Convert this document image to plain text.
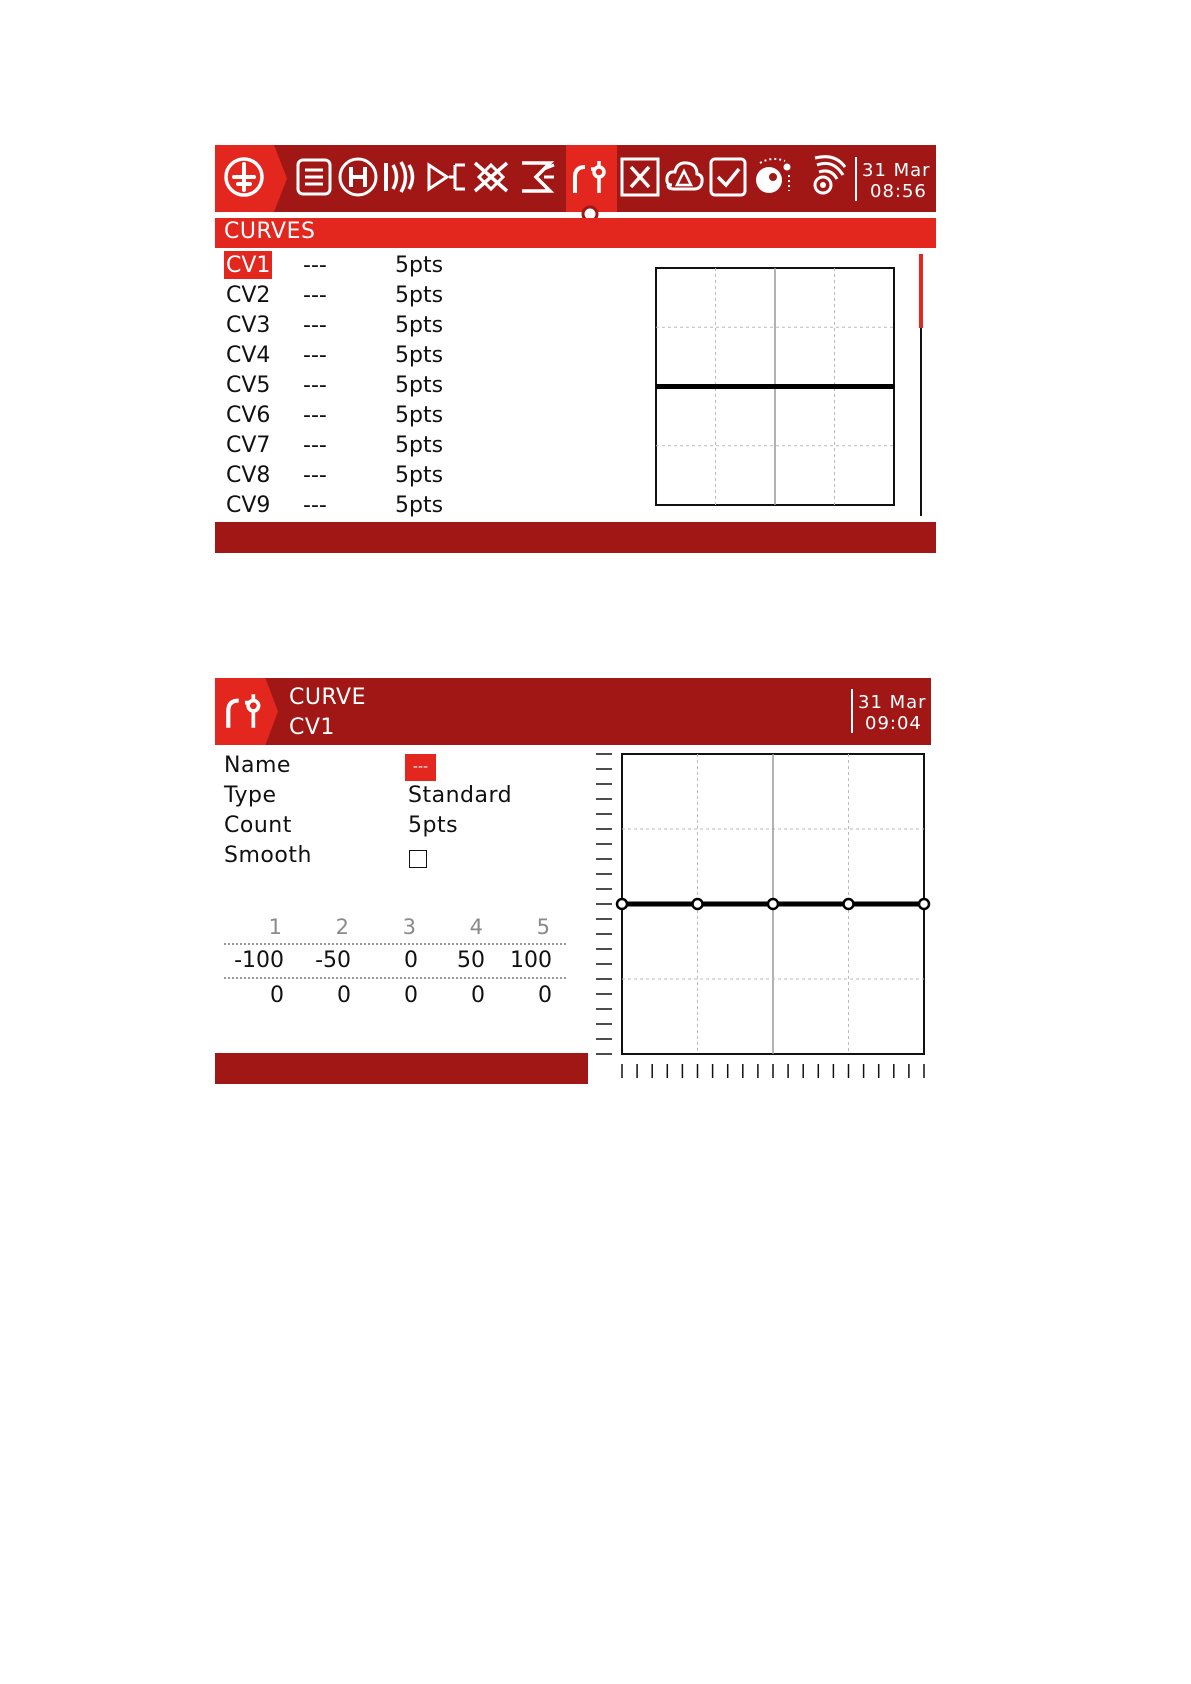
31 Mar
08:56
CURVES
CV1 ---	5pts
CV2 ---	5pts
CV3 ---	5pts
CV4 ---	5pts
CV5 ---	5pts
CV6 ---	5pts
CV7 ---	5pts
CV8 ---	5pts
CV9 ---	5pts
CURVE
CV1
31 Mar
09:04
Name	---
Type	Standard
Count	5pts
Smooth
1	2	3	4	5
-100	-50	0	50	100
0	0	0	0	0
